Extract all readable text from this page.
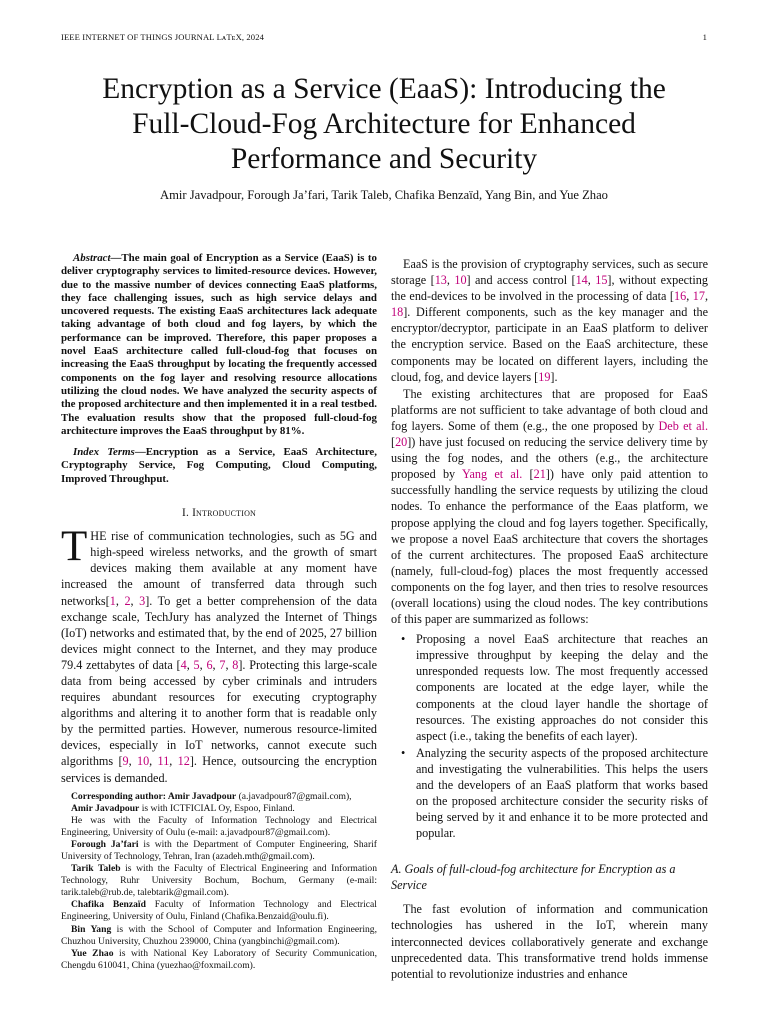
IEEE INTERNET OF THINGS JOURNAL LᴀTᴇX, 2024	1
Encryption as a Service (EaaS): Introducing the
Full-Cloud-Fog Architecture for Enhanced
Performance and Security
Amir Javadpour, Forough Ja’fari, Tarik Taleb, Chafika Benzaïd, Yang Bin, and Yue Zhao

Abstract—The main goal of Encryption as a Service (EaaS) is to deliver cryptography services to limited-resource devices. However, due to the massive number of devices connecting EaaS platforms, they face challenging issues, such as high service delays and uncovered requests. The existing EaaS architectures lack adequate taking advantage of both cloud and fog layers, by which the performance can be improved. Therefore, this paper proposes a novel EaaS architecture called full-cloud-fog that focuses on increasing the EaaS throughput by locating the frequently accessed components on the fog layer and resolving resource allocations utilizing the cloud nodes. We have analyzed the security aspects of the proposed architecture and then implemented it in a real testbed. The evaluation results show that the proposed full-cloud-fog architecture improves the EaaS throughput by 81%.

Index Terms—Encryption as a Service, EaaS Architecture, Cryptography Service, Fog Computing, Cloud Computing, Improved Throughput.

I. Introduction

THE rise of communication technologies, such as 5G and high-speed wireless networks, and the growth of smart devices making them available at any moment have increased the amount of transferred data through such networks[1, 2, 3]. To get a better comprehension of the data exchange scale, TechJury has analyzed the Internet of Things (IoT) networks and estimated that, by the end of 2025, 27 billion devices might connect to the Internet, and they may produce 79.4 zettabytes of data [4, 5, 6, 7, 8]. Protecting this large-scale data from being accessed by cyber criminals and intruders requires abundant resources for executing cryptography algorithms and altering it to another form that is readable only by the permitted parties. However, numerous resource-limited devices, especially in IoT networks, cannot execute such algorithms [9, 10, 11, 12]. Hence, outsourcing the encryption services is demanded.

Corresponding author: Amir Javadpour (a.javadpour87@gmail.com),

Amir Javadpour is with ICTFICIAL Oy, Espoo, Finland.

He was with the Faculty of Information Technology and Electrical Engineering, University of Oulu (e-mail: a.javadpour87@gmail.com).

Forough Ja’fari is with the Department of Computer Engineering, Sharif University of Technology, Tehran, Iran (azadeh.mth@gmail.com).

Tarik Taleb is with the Faculty of Electrical Engineering and Information Technology, Ruhr University Bochum, Bochum, Germany (e-mail: tarik.taleb@rub.de, talebtarik@gmail.com).

Chafika Benzaïd Faculty of Information Technology and Electrical Engineering, University of Oulu, Finland (Chafika.Benzaid@oulu.fi).

Bin Yang is with the School of Computer and Information Engineering, Chuzhou University, Chuzhou 239000, China (yangbinchi@gmail.com).

Yue Zhao is with National Key Laboratory of Security Communication, Chengdu 610041, China (yuezhao@foxmail.com).

EaaS is the provision of cryptography services, such as secure storage [13, 10] and access control [14, 15], without expecting the end-devices to be involved in the processing of data [16, 17, 18]. Different components, such as the key manager and the encryptor/decryptor, participate in an EaaS platform to deliver the encryption service. Based on the EaaS architecture, these components may be located on different layers, including the cloud, fog, and device layers [19].

The existing architectures that are proposed for EaaS platforms are not sufficient to take advantage of both cloud and fog layers. Some of them (e.g., the one proposed by Deb et al. [20]) have just focused on reducing the service delivery time by using the fog nodes, and the others (e.g., the architecture proposed by Yang et al. [21]) have only paid attention to successfully handling the service requests by utilizing the cloud nodes. To enhance the performance of the Eaas platform, we propose applying the cloud and fog layers together. Specifically, we propose a novel EaaS architecture that covers the shortages of the current architectures. The proposed EaaS architecture (namely, full-cloud-fog) places the most frequently accessed components on the fog layer, and then tries to resolve resources (overall locations) using the cloud nodes. The key contributions of this paper are summarized as follows:

• Proposing a novel EaaS architecture that reaches an impressive throughput by keeping the delay and the unresponded requests low. The most frequently accessed components are located at the edge layer, while the components at the cloud layer handle the shortage of resources. The existing approaches do not consider this aspect (i.e., taking the benefits of each layer).
• Analyzing the security aspects of the proposed architecture and investigating the vulnerabilities. This helps the users and the developers of an EaaS platform that works based on the proposed architecture consider the security risks of being served by it and enhance it to be more protected and popular.
A. Goals of full-cloud-fog architecture for Encryption as a Service

The fast evolution of information and communication technologies has ushered in the IoT, wherein many interconnected devices collaboratively generate and exchange unprecedented data. This transformative trend holds immense potential to revolutionize industries and enhance
